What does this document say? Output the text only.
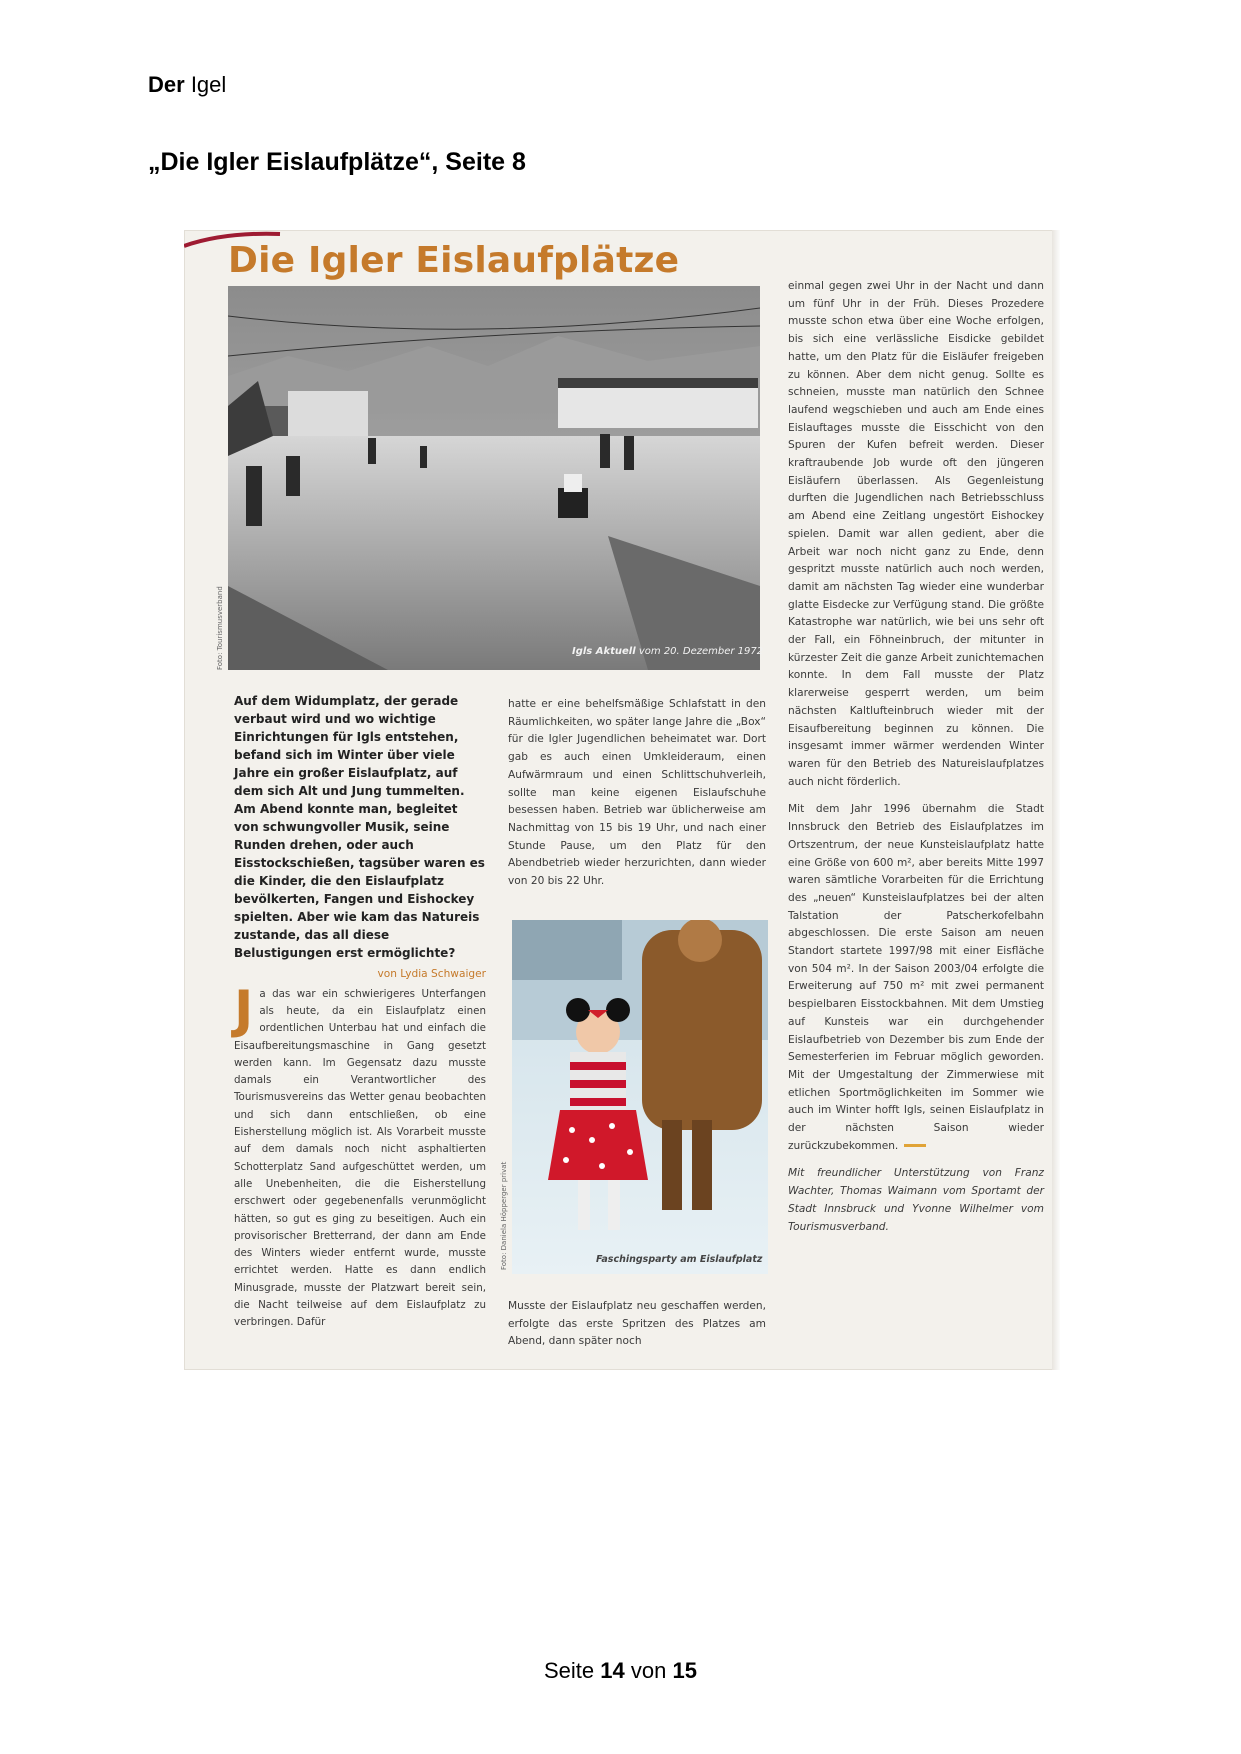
Der Igel
„Die Igler Eislaufplätze“, Seite 8
Die Igler Eislaufplätze
Foto: Tourismusverband	Igls Aktuell vom 20. Dezember 1972
Auf dem Widumplatz, der gerade verbaut wird und wo wichtige Einrichtungen für Igls entstehen, befand sich im Winter über viele Jahre ein großer Eislaufplatz, auf dem sich Alt und Jung tummelten. Am Abend konnte man, begleitet von schwungvoller Musik, seine Runden drehen, oder auch Eisstockschießen, tagsüber waren es die Kinder, die den Eislaufplatz bevölkerten, Fangen und Eishockey spielten. Aber wie kam das Natureis zustande, das all diese Belustigungen erst ermöglichte?
von Lydia Schwaiger
Ja das war ein schwierigeres Unterfangen als heute, da ein Eislaufplatz einen ordentlichen Unterbau hat und einfach die Eisaufbereitungsmaschine in Gang gesetzt werden kann. Im Gegensatz dazu musste damals ein Verantwortlicher des Tourismusvereins das Wetter genau beobachten und sich dann entschließen, ob eine Eisherstellung möglich ist. Als Vorarbeit musste auf dem damals noch nicht asphaltierten Schotterplatz Sand aufgeschüttet werden, um alle Unebenheiten, die die Eisherstellung erschwert oder gegebenenfalls verunmöglicht hätten, so gut es ging zu beseitigen. Auch ein provisorischer Bretterrand, der dann am Ende des Winters wieder entfernt wurde, musste errichtet werden. Hatte es dann endlich Minusgrade, musste der Platzwart bereit sein, die Nacht teilweise auf dem Eislaufplatz zu verbringen. Dafür
hatte er eine behelfsmäßige Schlafstatt in den Räumlichkeiten, wo später lange Jahre die „Box“ für die Igler Jugendlichen beheimatet war. Dort gab es auch einen Umkleideraum, einen Aufwärmraum und einen Schlittschuhverleih, sollte man keine eigenen Eislaufschuhe besessen haben. Betrieb war üblicherweise am Nachmittag von 15 bis 19 Uhr, und nach einer Stunde Pause, um den Platz für den Abendbetrieb wieder herzurichten, dann wieder von 20 bis 22 Uhr.
Foto: Daniela Höpperger privat	Faschingsparty am Eislaufplatz
Musste der Eislaufplatz neu geschaffen werden, erfolgte das erste Spritzen des Platzes am Abend, dann später noch

einmal gegen zwei Uhr in der Nacht und dann um fünf Uhr in der Früh. Dieses Prozedere musste schon etwa über eine Woche erfolgen, bis sich eine verlässliche Eisdicke gebildet hatte, um den Platz für die Eisläufer freigeben zu können. Aber dem nicht genug. Sollte es schneien, musste man natürlich den Schnee laufend wegschieben und auch am Ende eines Eislauftages musste die Eisschicht von den Spuren der Kufen befreit werden. Dieser kraftraubende Job wurde oft den jüngeren Eisläufern überlassen. Als Gegenleistung durften die Jugendlichen nach Betriebsschluss am Abend eine Zeitlang ungestört Eishockey spielen. Damit war allen gedient, aber die Arbeit war noch nicht ganz zu Ende, denn gespritzt musste natürlich auch noch werden, damit am nächsten Tag wieder eine wunderbar glatte Eisdecke zur Verfügung stand. Die größte Katastrophe war natürlich, wie bei uns sehr oft der Fall, ein Föhneinbruch, der mitunter in kürzester Zeit die ganze Arbeit zunichtemachen konnte. In dem Fall musste der Platz klarerweise gesperrt werden, um beim nächsten Kaltlufteinbruch wieder mit der Eisaufbereitung beginnen zu können. Die insgesamt immer wärmer werdenden Winter waren für den Betrieb des Natureislaufplatzes auch nicht förderlich.

Mit dem Jahr 1996 übernahm die Stadt Innsbruck den Betrieb des Eislaufplatzes im Ortszentrum, der neue Kunsteislaufplatz hatte eine Größe von 600 m², aber bereits Mitte 1997 waren sämtliche Vorarbeiten für die Errichtung des „neuen“ Kunsteislaufplatzes bei der alten Talstation der Patscherkofelbahn abgeschlossen. Die erste Saison am neuen Standort startete 1997/98 mit einer Eisfläche von 504 m². In der Saison 2003/04 erfolgte die Erweiterung auf 750 m² mit zwei permanent bespielbaren Eisstockbahnen. Mit dem Umstieg auf Kunsteis war ein durchgehender Eislaufbetrieb von Dezember bis zum Ende der Semesterferien im Februar möglich geworden. Mit der Umgestaltung der Zimmerwiese mit etlichen Sportmöglichkeiten im Sommer wie auch im Winter hofft Igls, seinen Eislaufplatz in der nächsten Saison wieder zurückzubekommen.

Mit freundlicher Unterstützung von Franz Wachter, Thomas Waimann vom Sportamt der Stadt Innsbruck und Yvonne Wilhelmer vom Tourismusverband.

Seite 14 von 15
